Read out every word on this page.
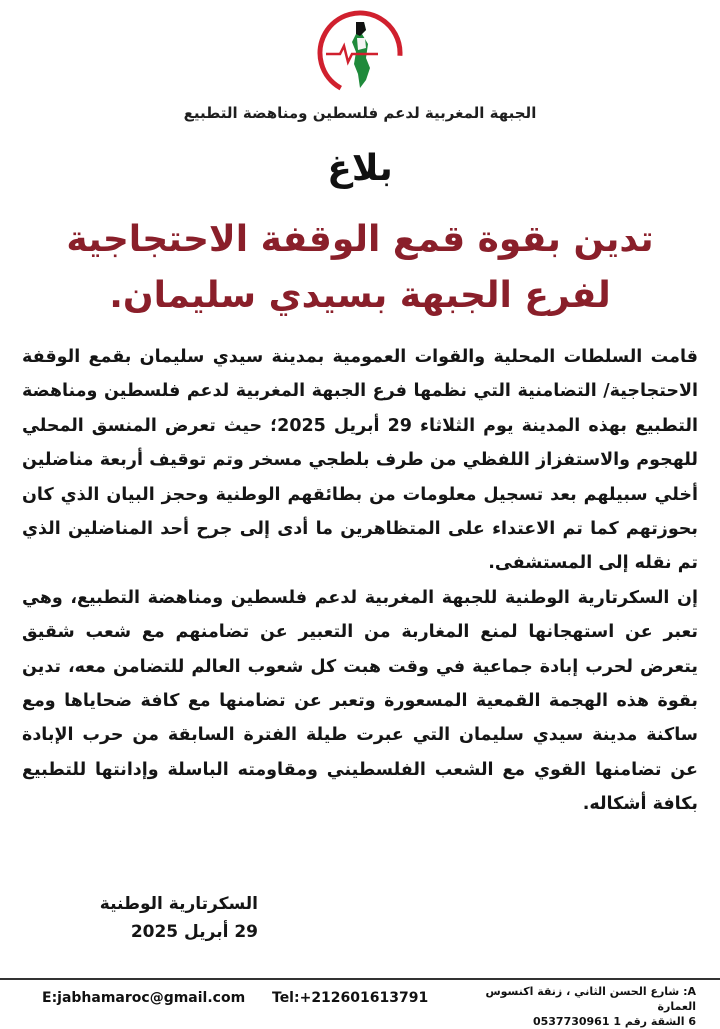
الجبهة المغربية لدعم فلسطين ومناهضة التطبيع
بلاغ
تدين بقوة قمع الوقفة الاحتجاجية لفرع الجبهة بسيدي سليمان.

قامت السلطات المحلية والقوات العمومية بمدينة سيدي سليمان بقمع الوقفة الاحتجاجية/ التضامنية التي نظمها فرع الجبهة المغربية لدعم فلسطين ومناهضة التطبيع بهذه المدينة يوم الثلاثاء 29 أبريل 2025؛ حيث تعرض المنسق المحلي للهجوم والاستفزاز اللفظي من طرف بلطجي مسخر وتم توقيف أربعة مناضلين أخلي سبيلهم بعد تسجيل معلومات من بطائقهم الوطنية وحجز البيان الذي كان بحوزتهم كما تم الاعتداء على المتظاهرين ما أدى إلى جرح أحد المناضلين الذي تم نقله إلى المستشفى.

إن السكرتارية الوطنية للجبهة المغربية لدعم فلسطين ومناهضة التطبيع، وهي تعبر عن استهجانها لمنع المغاربة من التعبير عن تضامنهم مع شعب شقيق يتعرض لحرب إبادة جماعية في وقت هبت كل شعوب العالم للتضامن معه، تدين بقوة هذه الهجمة القمعية المسعورة وتعبر عن تضامنها مع كافة ضحاياها ومع ساكنة مدينة سيدي سليمان التي عبرت طيلة الفترة السابقة من حرب الإبادة عن تضامنها القوي مع الشعب الفلسطيني ومقاومته الباسلة وإدانتها للتطبيع بكافة أشكاله.

السكرتارية الوطنية
29 أبريل 2025
E:jabhamaroc@gmail.com Tel:+212601613791	A: شارع الحسن الثاني ، زنقة اكنسوس العمارة
6 الشقة رقم 1 0537730961
